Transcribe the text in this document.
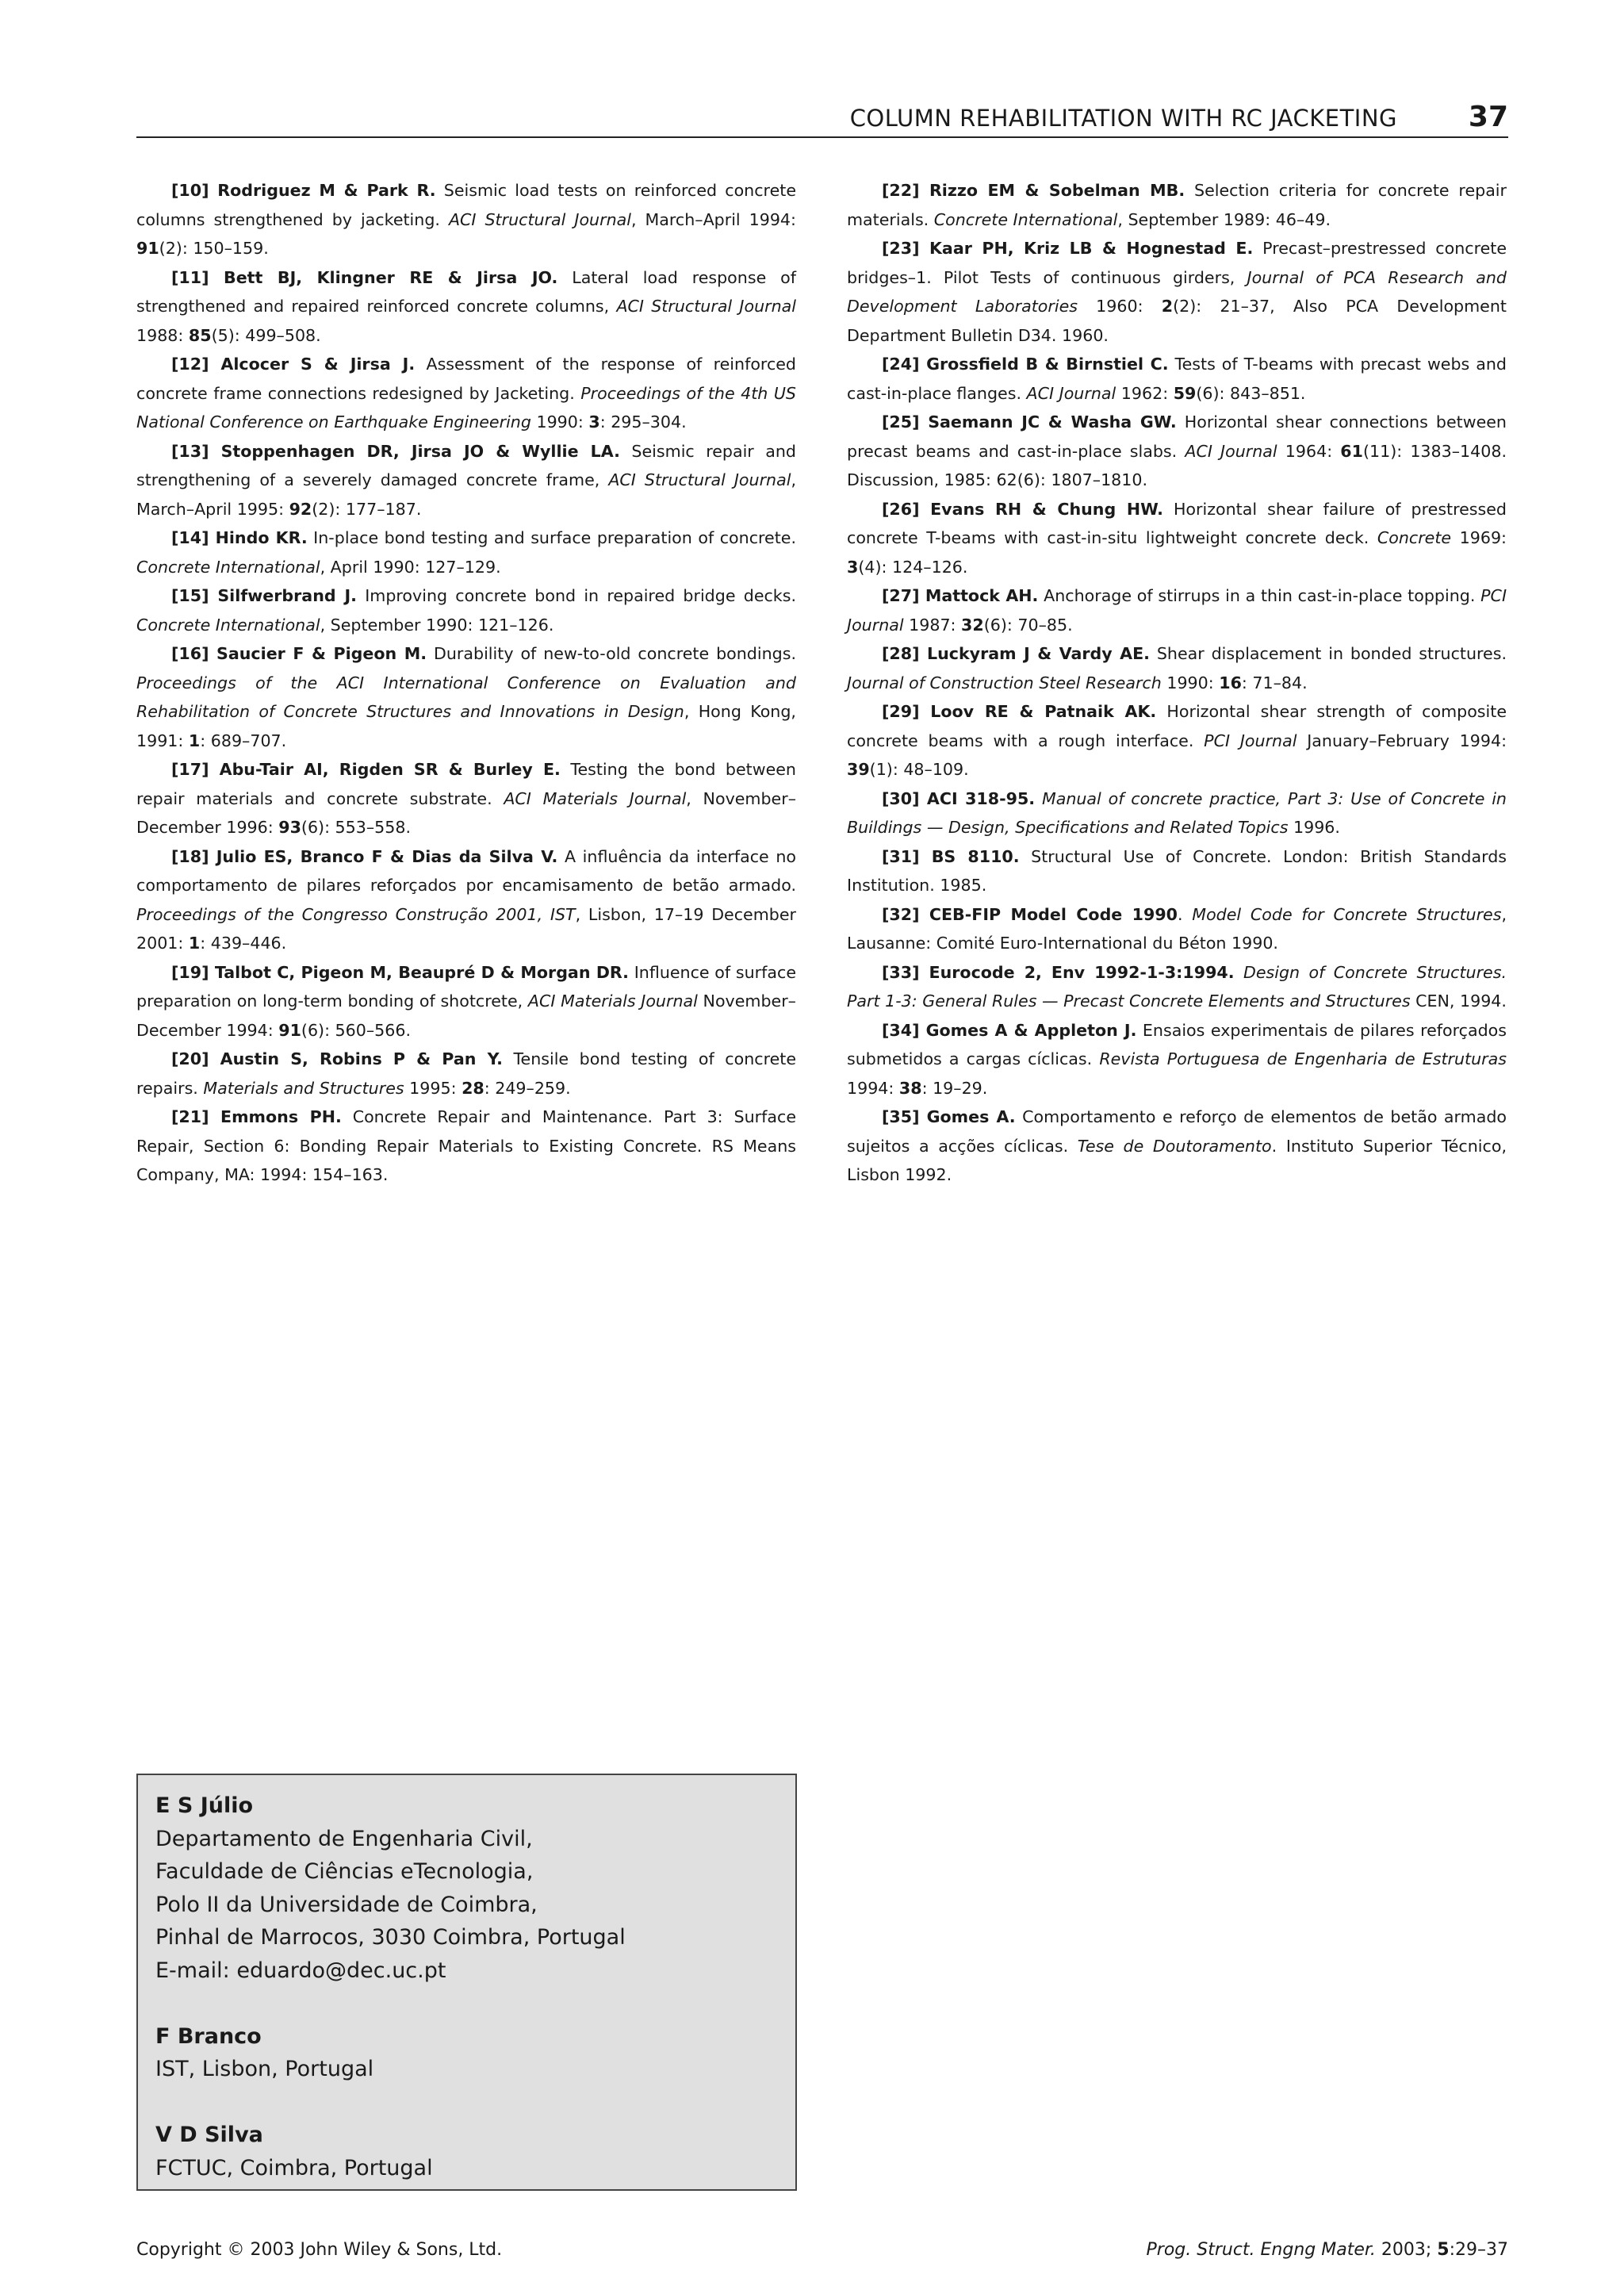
COLUMN REHABILITATION WITH RC JACKETING 37

[10] Rodriguez M & Park R. Seismic load tests on reinforced concrete columns strengthened by jacketing. ACI Structural Journal, March–April 1994: 91(2): 150–159.

[11] Bett BJ, Klingner RE & Jirsa JO. Lateral load response of strengthened and repaired reinforced concrete columns, ACI Structural Journal 1988: 85(5): 499–508.

[12] Alcocer S & Jirsa J. Assessment of the response of reinforced concrete frame connections redesigned by Jacketing. Proceedings of the 4th US National Conference on Earthquake Engineering 1990: 3: 295–304.

[13] Stoppenhagen DR, Jirsa JO & Wyllie LA. Seismic repair and strengthening of a severely damaged concrete frame, ACI Structural Journal, March–April 1995: 92(2): 177–187.

[14] Hindo KR. In-place bond testing and surface preparation of concrete. Concrete International, April 1990: 127–129.

[15] Silfwerbrand J. Improving concrete bond in repaired bridge decks. Concrete International, September 1990: 121–126.

[16] Saucier F & Pigeon M. Durability of new-to-old concrete bondings. Proceedings of the ACI International Conference on Evaluation and Rehabilitation of Concrete Structures and Innovations in Design, Hong Kong, 1991: 1: 689–707.

[17] Abu-Tair AI, Rigden SR & Burley E. Testing the bond between repair materials and concrete substrate. ACI Materials Journal, November–December 1996: 93(6): 553–558.

[18] Julio ES, Branco F & Dias da Silva V. A influência da interface no comportamento de pilares reforçados por encamisamento de betão armado. Proceedings of the Congresso Construção 2001, IST, Lisbon, 17–19 December 2001: 1: 439–446.

[19] Talbot C, Pigeon M, Beaupré D & Morgan DR. Influence of surface preparation on long-term bonding of shotcrete, ACI Materials Journal November–December 1994: 91(6): 560–566.

[20] Austin S, Robins P & Pan Y. Tensile bond testing of concrete repairs. Materials and Structures 1995: 28: 249–259.

[21] Emmons PH. Concrete Repair and Maintenance. Part 3: Surface Repair, Section 6: Bonding Repair Materials to Existing Concrete. RS Means Company, MA: 1994: 154–163.

[22] Rizzo EM & Sobelman MB. Selection criteria for concrete repair materials. Concrete International, September 1989: 46–49.

[23] Kaar PH, Kriz LB & Hognestad E. Precast–prestressed concrete bridges–1. Pilot Tests of continuous girders, Journal of PCA Research and Development Laboratories 1960: 2(2): 21–37, Also PCA Development Department Bulletin D34. 1960.

[24] Grossfield B & Birnstiel C. Tests of T-beams with precast webs and cast-in-place flanges. ACI Journal 1962: 59(6): 843–851.

[25] Saemann JC & Washa GW. Horizontal shear connections between precast beams and cast-in-place slabs. ACI Journal 1964: 61(11): 1383–1408. Discussion, 1985: 62(6): 1807–1810.

[26] Evans RH & Chung HW. Horizontal shear failure of prestressed concrete T-beams with cast-in-situ lightweight concrete deck. Concrete 1969: 3(4): 124–126.

[27] Mattock AH. Anchorage of stirrups in a thin cast-in-place topping. PCI Journal 1987: 32(6): 70–85.

[28] Luckyram J & Vardy AE. Shear displacement in bonded structures. Journal of Construction Steel Research 1990: 16: 71–84.

[29] Loov RE & Patnaik AK. Horizontal shear strength of composite concrete beams with a rough interface. PCI Journal January–February 1994: 39(1): 48–109.

[30] ACI 318-95. Manual of concrete practice, Part 3: Use of Concrete in Buildings — Design, Specifications and Related Topics 1996.

[31] BS 8110. Structural Use of Concrete. London: British Standards Institution. 1985.

[32] CEB-FIP Model Code 1990. Model Code for Concrete Structures, Lausanne: Comité Euro-International du Béton 1990.

[33] Eurocode 2, Env 1992-1-3:1994. Design of Concrete Structures. Part 1-3: General Rules — Precast Concrete Elements and Structures CEN, 1994.

[34] Gomes A & Appleton J. Ensaios experimentais de pilares reforçados submetidos a cargas cíclicas. Revista Portuguesa de Engenharia de Estruturas 1994: 38: 19–29.

[35] Gomes A. Comportamento e reforço de elementos de betão armado sujeitos a acções cíclicas. Tese de Doutoramento. Instituto Superior Técnico, Lisbon 1992.

E S Júlio
Departamento de Engenharia Civil,
Faculdade de Ciências eTecnologia,
Polo II da Universidade de Coimbra,
Pinhal de Marrocos, 3030 Coimbra, Portugal
E-mail: eduardo@dec.uc.pt
F Branco
IST, Lisbon, Portugal
V D Silva
FCTUC, Coimbra, Portugal
Copyright © 2003 John Wiley & Sons, Ltd.	Prog. Struct. Engng Mater. 2003; 5:29–37
